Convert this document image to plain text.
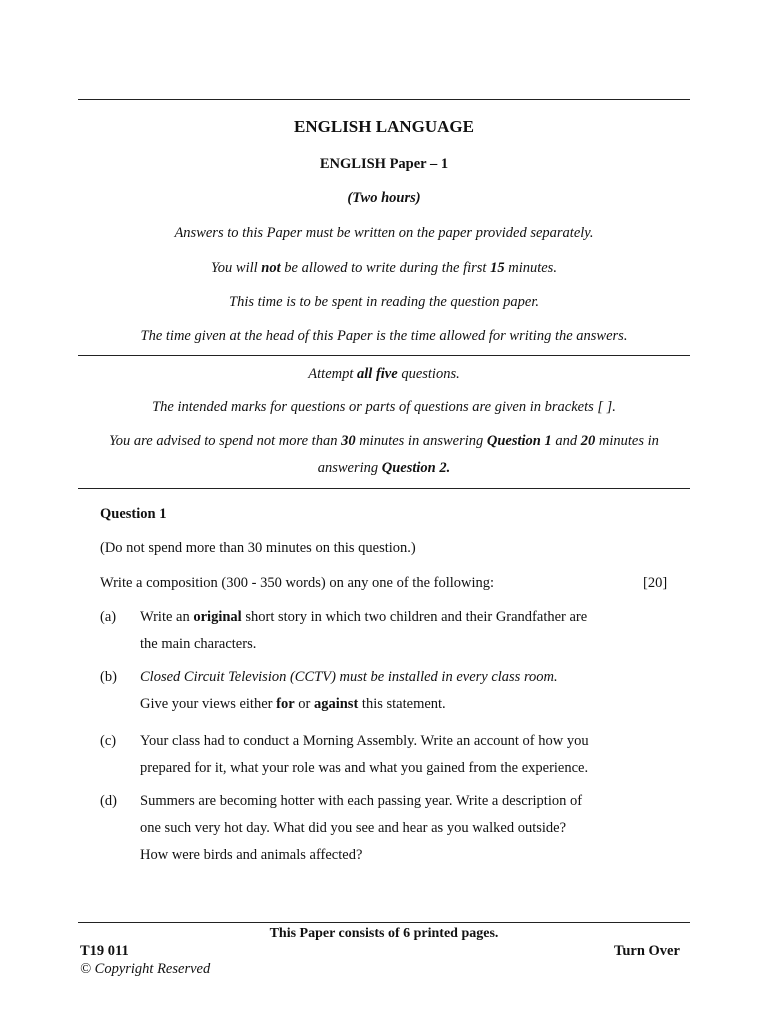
ENGLISH LANGUAGE
ENGLISH Paper – 1
(Two hours)
Answers to this Paper must be written on the paper provided separately.
You will not be allowed to write during the first 15 minutes.
This time is to be spent in reading the question paper.
The time given at the head of this Paper is the time allowed for writing the answers.
Attempt all five questions.
The intended marks for questions or parts of questions are given in brackets [ ].
You are advised to spend not more than 30 minutes in answering Question 1 and 20 minutes in
answering Question 2.
Question 1
(Do not spend more than 30 minutes on this question.)
Write a composition (300 - 350 words) on any one of the following:	[20]
(a) Write an original short story in which two children and their Grandfather are
the main characters.
(b) Closed Circuit Television (CCTV) must be installed in every class room.
Give your views either for or against this statement.
(c) Your class had to conduct a Morning Assembly. Write an account of how you
prepared for it, what your role was and what you gained from the experience.
(d) Summers are becoming hotter with each passing year. Write a description of
one such very hot day. What did you see and hear as you walked outside?
How were birds and animals affected?
This Paper consists of 6 printed pages.
T19 011	Turn Over
© Copyright Reserved
